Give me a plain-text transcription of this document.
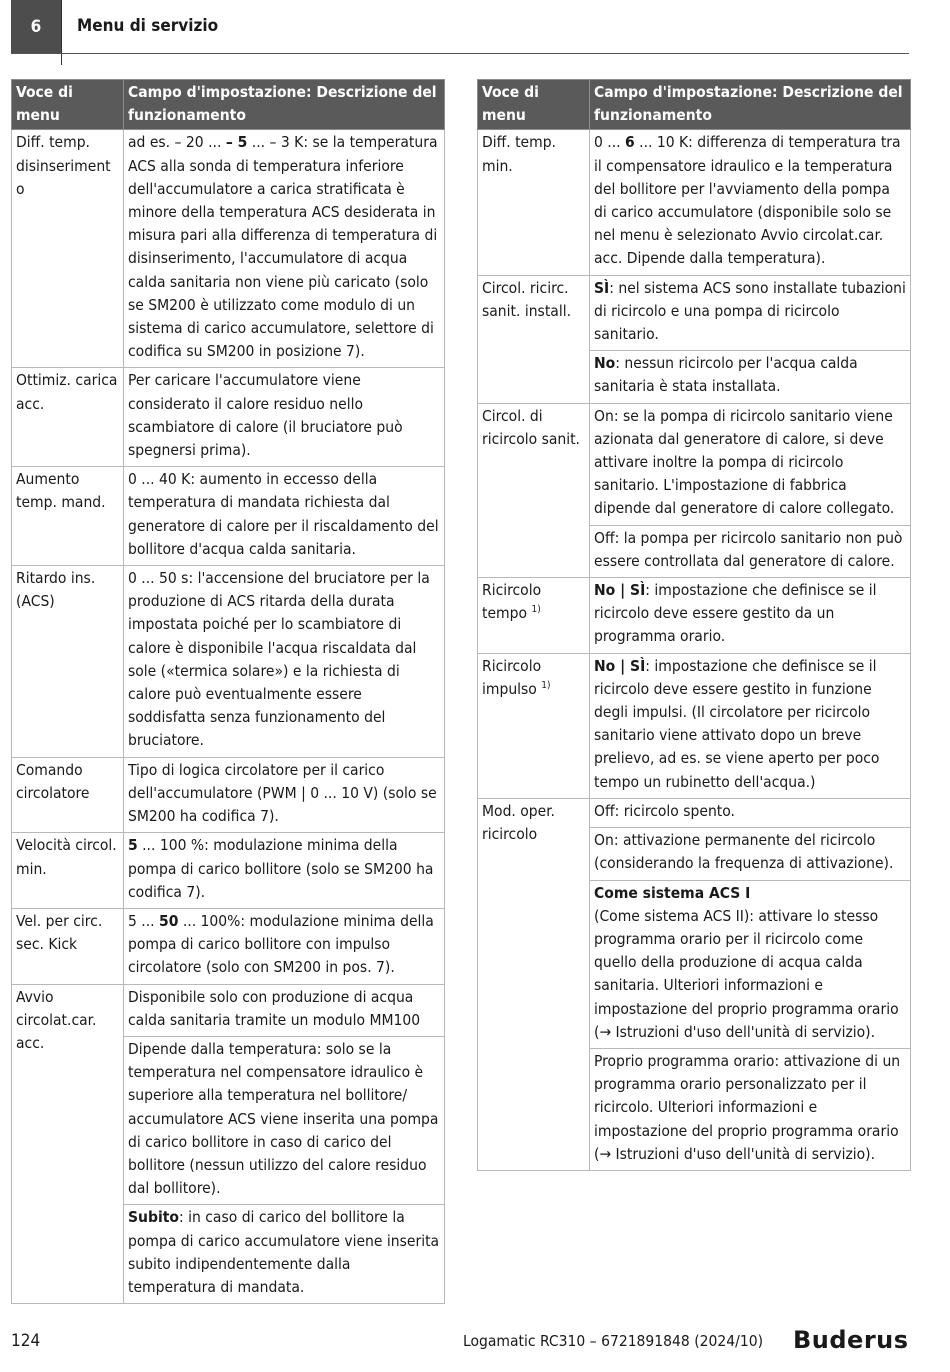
6	Menu di servizio
Voce di menu	Campo d'impostazione: Descrizione del funzionamento
Diff. temp. disinseriment o	ad es. – 20 ... – 5 ... – 3 K: se la temperatura ACS alla sonda di temperatura inferiore dell'accumulatore a carica stratificata è minore della temperatura ACS desiderata in misura pari alla differenza di temperatura di disinserimento, l'accumulatore di acqua calda sanitaria non viene più caricato (solo se SM200 è utilizzato come modulo di un sistema di carico accumulatore, selettore di codifica su SM200 in posizione 7).
Ottimiz. carica acc.	Per caricare l'accumulatore viene considerato il calore residuo nello scambiatore di calore (il bruciatore può spegnersi prima).
Aumento temp. mand.	0 ... 40 K: aumento in eccesso della temperatura di mandata richiesta dal generatore di calore per il riscaldamento del bollitore d'acqua calda sanitaria.
Ritardo ins. (ACS)	0 ... 50 s: l'accensione del bruciatore per la produzione di ACS ritarda della durata impostata poiché per lo scambiatore di calore è disponibile l'acqua riscaldata dal sole («termica solare») e la richiesta di calore può eventualmente essere soddisfatta senza funzionamento del bruciatore.
Comando circolatore	Tipo di logica circolatore per il carico dell'accumulatore (PWM | 0 ... 10 V) (solo se SM200 ha codifica 7).
Velocità circol. min.	5 ... 100 %: modulazione minima della pompa di carico bollitore (solo se SM200 ha codifica 7).
Vel. per circ. sec. Kick	5 ... 50 ... 100%: modulazione minima della pompa di carico bollitore con impulso circolatore (solo con SM200 in pos. 7).
Avvio circolat.car. acc.	Disponibile solo con produzione di acqua calda sanitaria tramite un modulo MM100
	Dipende dalla temperatura: solo se la temperatura nel compensatore idraulico è superiore alla temperatura nel bollitore/ accumulatore ACS viene inserita una pompa di carico bollitore in caso di carico del bollitore (nessun utilizzo del calore residuo dal bollitore).
	Subito: in caso di carico del bollitore la pompa di carico accumulatore viene inserita subito indipendentemente dalla temperatura di mandata.
Voce di menu	Campo d'impostazione: Descrizione del funzionamento
Diff. temp. min.	0 ... 6 ... 10 K: differenza di temperatura tra il compensatore idraulico e la temperatura del bollitore per l'avviamento della pompa di carico accumulatore (disponibile solo se nel menu è selezionato Avvio circolat.car. acc. Dipende dalla temperatura).
Circol. ricirc. sanit. install.	SÌ: nel sistema ACS sono installate tubazioni di ricircolo e una pompa di ricircolo sanitario.
	No: nessun ricircolo per l'acqua calda sanitaria è stata installata.
Circol. di ricircolo sanit.	On: se la pompa di ricircolo sanitario viene azionata dal generatore di calore, si deve attivare inoltre la pompa di ricircolo sanitario. L'impostazione di fabbrica dipende dal generatore di calore collegato.
	Off: la pompa per ricircolo sanitario non può essere controllata dal generatore di calore.
Ricircolo tempo $^{1)}$	No | SÌ: impostazione che definisce se il ricircolo deve essere gestito da un programma orario.
Ricircolo impulso $^{1)}$	No | SÌ: impostazione che definisce se il ricircolo deve essere gestito in funzione degli impulsi. (Il circolatore per ricircolo sanitario viene attivato dopo un breve prelievo, ad es. se viene aperto per poco tempo un rubinetto dell'acqua.)
Mod. oper. ricircolo	Off: ricircolo spento.
	On: attivazione permanente del ricircolo (considerando la frequenza di attivazione).
	Come sistema ACS I
(Come sistema ACS II): attivare lo stesso programma orario per il ricircolo come quello della produzione di acqua calda sanitaria. Ulteriori informazioni e impostazione del proprio programma orario (→ Istruzioni d'uso dell'unità di servizio).
	Proprio programma orario: attivazione di un programma orario personalizzato per il ricircolo. Ulteriori informazioni e impostazione del proprio programma orario (→ Istruzioni d'uso dell'unità di servizio).
124	Logamatic RC310 – 6721891848 (2024/10) Buderus
